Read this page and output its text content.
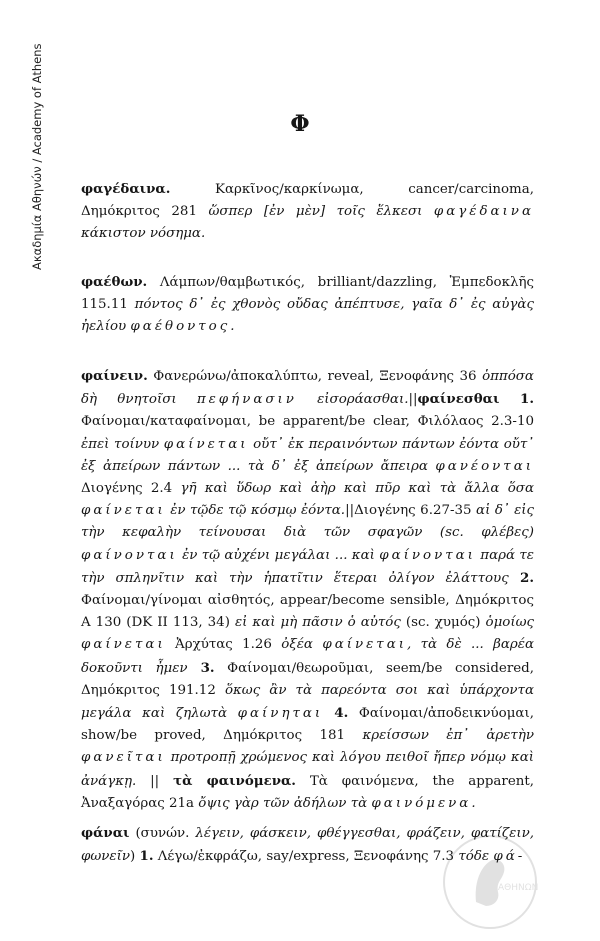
Ακαδημία Αθηνών / Academy of Athens	Φ
φαγέδαινα.	Καρκῖνος/καρκίνωμα, cancer/carcinoma, Δημόκριτος 281 ὥσπερ [ἐν μὲν] τοῖς ἕλκεσι φαγέδαινα κάκιστον νόσημα.
φαέθων. Λάμπων/θαμβωτικός, brilliant/dazzling, Ἐμπεδοκλῆς 115.11 πόντος δ᾽ ἐς χθονὸς οὔδας ἀπέπτυσε, γαῖα δ᾽ ἐς αὐγὰς ἠελίου φαέθοντος.
φαίνειν. Φανερώνω/ἀποκαλύπτω, reveal, Ξενοφάνης 36 ὁππόσα δὴ θνητοῖσι πεφήνασιν εἰσοράασθαι.||φαίνεσθαι 1. Φαίνομαι/καταφαίνομαι, be apparent/be clear, Φιλόλαος 2.3-10 ἐπεὶ τοίνυν φαίνεται οὔτ᾽ ἐκ περαινόντων πάντων ἐόντα οὔτ᾽ ἐξ ἀπείρων πάντων ... τὰ δ᾽ ἐξ ἀπείρων ἄπειρα φανέονται Διογένης 2.4 γῆ καὶ ὕδωρ καὶ ἀὴρ καὶ πῦρ καὶ τὰ ἄλλα ὅσα φαίνεται ἐν τῷδε τῷ κόσμῳ ἐόντα.||Διογένης 6.27-35 αἱ δ᾽ εἰς τὴν κεφαλὴν τείνουσαι διὰ τῶν σφαγῶν (sc. φλέβες) φαίνονται ἐν τῷ αὐχένι μεγάλαι ... καὶ φαίνονται παρά τε τὴν σπληνῖτιν καὶ τὴν ἡπατῖτιν ἕτεραι ὀλίγον ἐλάττους 2. Φαίνομαι/γίνομαι αἰσθητός, appear/become sensible, Δημόκριτος Α 130 (DK II 113, 34) εἰ καὶ μὴ πᾶσιν ὁ αὐτός (sc. χυμός) ὁμοίως φαίνεται Ἀρχύτας 1.26 ὀξέα φαίνεται, τὰ δὲ ... βαρέα δοκοῦντι ἦμεν 3. Φαίνομαι/θεωροῦμαι, seem/be considered, Δημόκριτος 191.12 ὅκως ἂν τὰ παρεόντα σοι καὶ ὑπάρχοντα μεγάλα καὶ ζηλωτὰ φαίνηται 4. Φαίνομαι/ἀποδεικνύομαι, show/be proved, Δημόκριτος 181 κρείσσων ἐπ᾽ ἀρετὴν φανεῖται προτροπῇ χρώμενος καὶ λόγου πειθοῖ ἤπερ νόμῳ καὶ ἀνάγκῃ. || τὰ φαινόμενα. Τὰ φαινόμενα, the apparent, Ἀναξαγόρας 21a ὄψις γὰρ τῶν ἀδήλων τὰ φαινόμενα.
φάναι (συνών. λέγειν, φάσκειν, φθέγγεσθαι, φράζειν, φατίζειν, φωνεῖν) 1. Λέγω/ἐκφράζω, say/express, Ξενοφάνης 7.3 τόδε φά-
ΑΘΗΝΩΝ
